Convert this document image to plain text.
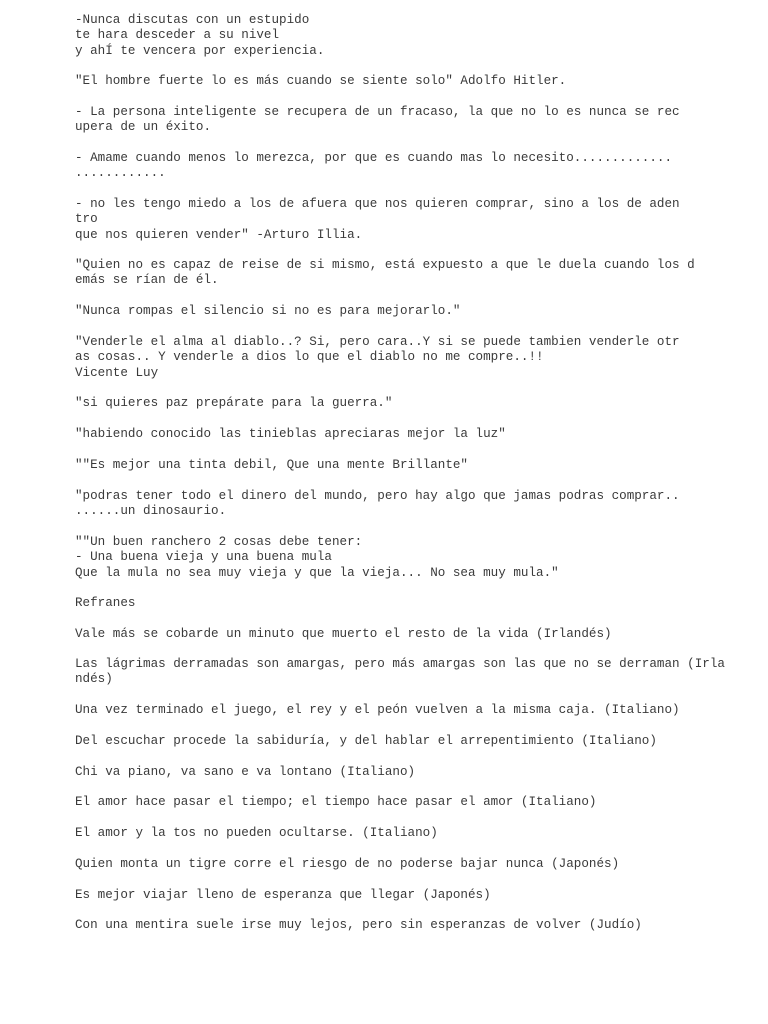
-Nunca discutas con un estupido
te hara desceder a su nivel
y ahÍ te vencera por experiencia.
"El hombre fuerte lo es más cuando se siente solo" Adolfo Hitler.
- La persona inteligente se recupera de un fracaso, la que no lo es nunca se rec
upera de un éxito.
- Amame cuando menos lo merezca, por que es cuando mas lo necesito.............
............
- no les tengo miedo a los de afuera que nos quieren comprar, sino a los de aden
tro
que nos quieren vender" -Arturo Illia.
"Quien no es capaz de reise de si mismo, está expuesto a que le duela cuando los d
emás se rían de él.
"Nunca rompas el silencio si no es para mejorarlo."
"Venderle el alma al diablo..? Si, pero cara..Y si se puede tambien venderle otr
as cosas.. Y venderle a dios lo que el diablo no me compre..!!
Vicente Luy
"si quieres paz prepárate para la guerra."
"habiendo conocido las tinieblas apreciaras mejor la luz"
""Es mejor una tinta debil, Que una mente Brillante"
"podras tener todo el dinero del mundo, pero hay algo que jamas podras comprar..
......un dinosaurio.
""Un buen ranchero 2 cosas debe tener:
- Una buena vieja y una buena mula
Que la mula no sea muy vieja y que la vieja... No sea muy mula."
Refranes
Vale más se cobarde un minuto que muerto el resto de la vida (Irlandés)
Las lágrimas derramadas son amargas, pero más amargas son las que no se derraman (Irla
ndés)
Una vez terminado el juego, el rey y el peón vuelven a la misma caja. (Italiano)
Del escuchar procede la sabiduría, y del hablar el arrepentimiento (Italiano)
Chi va piano, va sano e va lontano (Italiano)
El amor hace pasar el tiempo; el tiempo hace pasar el amor (Italiano)
El amor y la tos no pueden ocultarse. (Italiano)
Quien monta un tigre corre el riesgo de no poderse bajar nunca (Japonés)
Es mejor viajar lleno de esperanza que llegar (Japonés)
Con una mentira suele irse muy lejos, pero sin esperanzas de volver (Judío)
